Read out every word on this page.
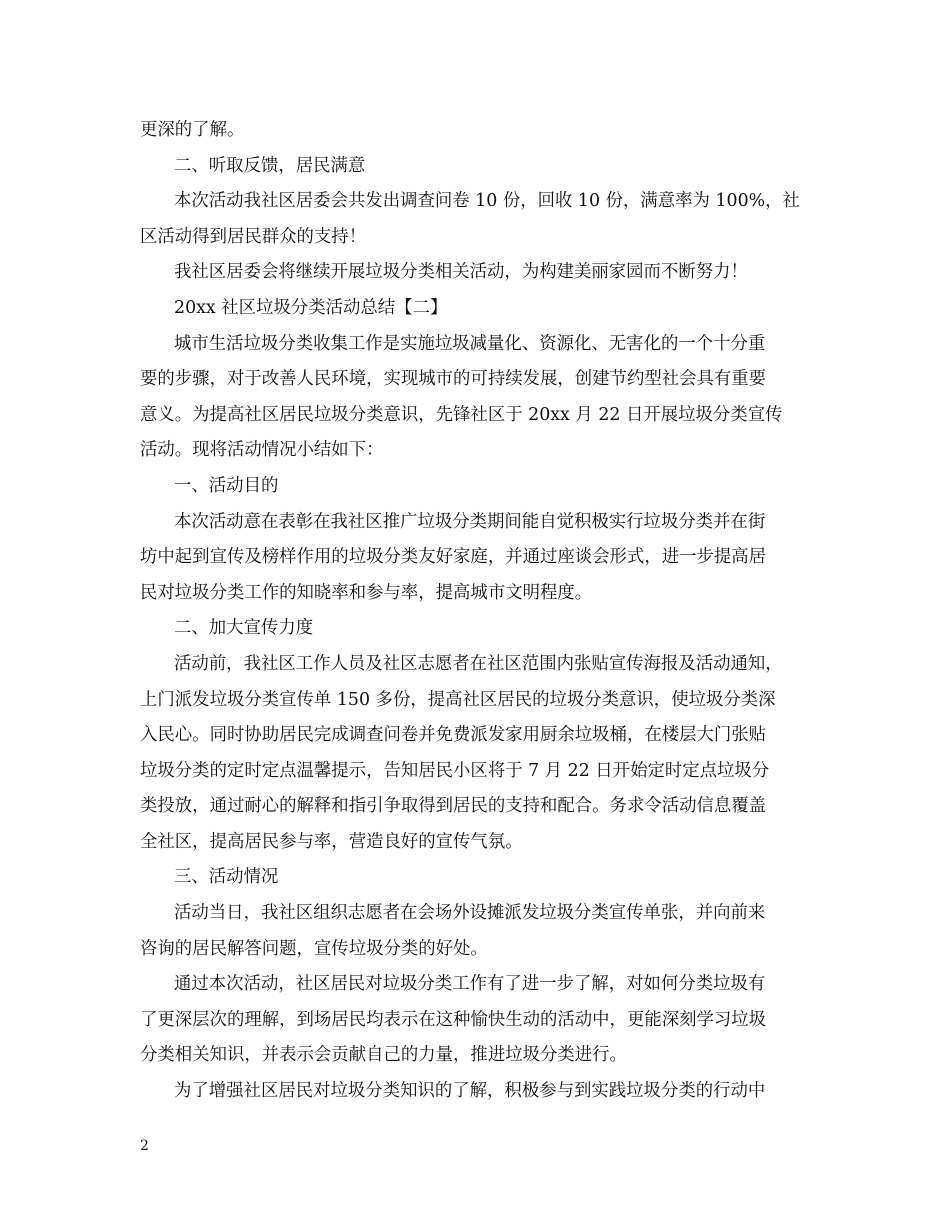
更深的了解。
二、听取反馈，居民满意
本次活动我社区居委会共发出调查问卷 10 份，回收 10 份，满意率为 100%，社
区活动得到居民群众的支持！
我社区居委会将继续开展垃圾分类相关活动，为构建美丽家园而不断努力！
20xx 社区垃圾分类活动总结【二】
城市生活垃圾分类收集工作是实施垃圾减量化、资源化、无害化的一个十分重
要的步骤，对于改善人民环境，实现城市的可持续发展，创建节约型社会具有重要
意义。为提高社区居民垃圾分类意识，先锋社区于 20xx 月 22 日开展垃圾分类宣传
活动。现将活动情况小结如下：
一、活动目的
本次活动意在表彰在我社区推广垃圾分类期间能自觉积极实行垃圾分类并在街
坊中起到宣传及榜样作用的垃圾分类友好家庭，并通过座谈会形式，进一步提高居
民对垃圾分类工作的知晓率和参与率，提高城市文明程度。
二、加大宣传力度
活动前，我社区工作人员及社区志愿者在社区范围内张贴宣传海报及活动通知，
上门派发垃圾分类宣传单 150 多份，提高社区居民的垃圾分类意识，使垃圾分类深
入民心。同时协助居民完成调查问卷并免费派发家用厨余垃圾桶，在楼层大门张贴
垃圾分类的定时定点温馨提示，告知居民小区将于 7 月 22 日开始定时定点垃圾分
类投放，通过耐心的解释和指引争取得到居民的支持和配合。务求令活动信息覆盖
全社区，提高居民参与率，营造良好的宣传气氛。
三、活动情况
活动当日，我社区组织志愿者在会场外设摊派发垃圾分类宣传单张，并向前来
咨询的居民解答问题，宣传垃圾分类的好处。
通过本次活动，社区居民对垃圾分类工作有了进一步了解，对如何分类垃圾有
了更深层次的理解，到场居民均表示在这种愉快生动的活动中，更能深刻学习垃圾
分类相关知识，并表示会贡献自己的力量，推进垃圾分类进行。
为了增强社区居民对垃圾分类知识的了解，积极参与到实践垃圾分类的行动中
2
